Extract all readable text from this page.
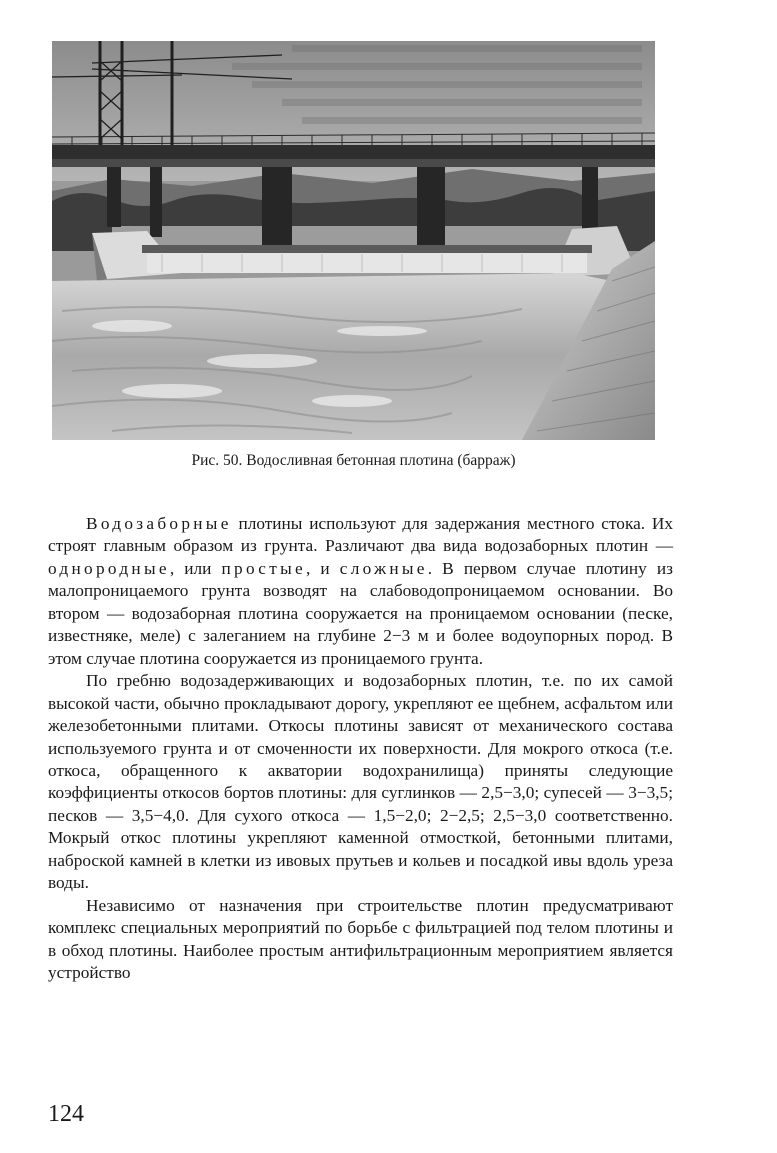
Рис. 50. Водосливная бетонная плотина (барраж)

Водозаборные плотины используют для задержания местного стока. Их строят главным образом из грунта. Различают два вида водозаборных плотин — однородные, или простые, и сложные. В первом случае плотину из малопроницаемого грунта возводят на слабоводопроницаемом основании. Во втором — водозаборная плотина сооружается на проницаемом основании (песке, известняке, меле) с залеганием на глубине 2−3 м и более водоупорных пород. В этом случае плотина сооружается из проницаемого грунта.

По гребню водозадерживающих и водозаборных плотин, т.е. по их самой высокой части, обычно прокладывают дорогу, укрепляют ее щебнем, асфальтом или железобетонными плитами. Откосы плотины зависят от механического состава используемого грунта и от смоченности их поверхности. Для мокрого откоса (т.е. откоса, обращенного к акватории водохранилища) приняты следующие коэффициенты откосов бортов плотины: для суглинков — 2,5−3,0; супесей — 3−3,5; песков — 3,5−4,0. Для сухого откоса — 1,5−2,0; 2−2,5; 2,5−3,0 соответственно. Мокрый откос плотины укрепляют каменной отмосткой, бетонными плитами, наброской камней в клетки из ивовых прутьев и кольев и посадкой ивы вдоль уреза воды.

Независимо от назначения при строительстве плотин предусматривают комплекс специальных мероприятий по борьбе с фильтрацией под телом плотины и в обход плотины. Наиболее простым антифильтрационным мероприятием является устройство

124
